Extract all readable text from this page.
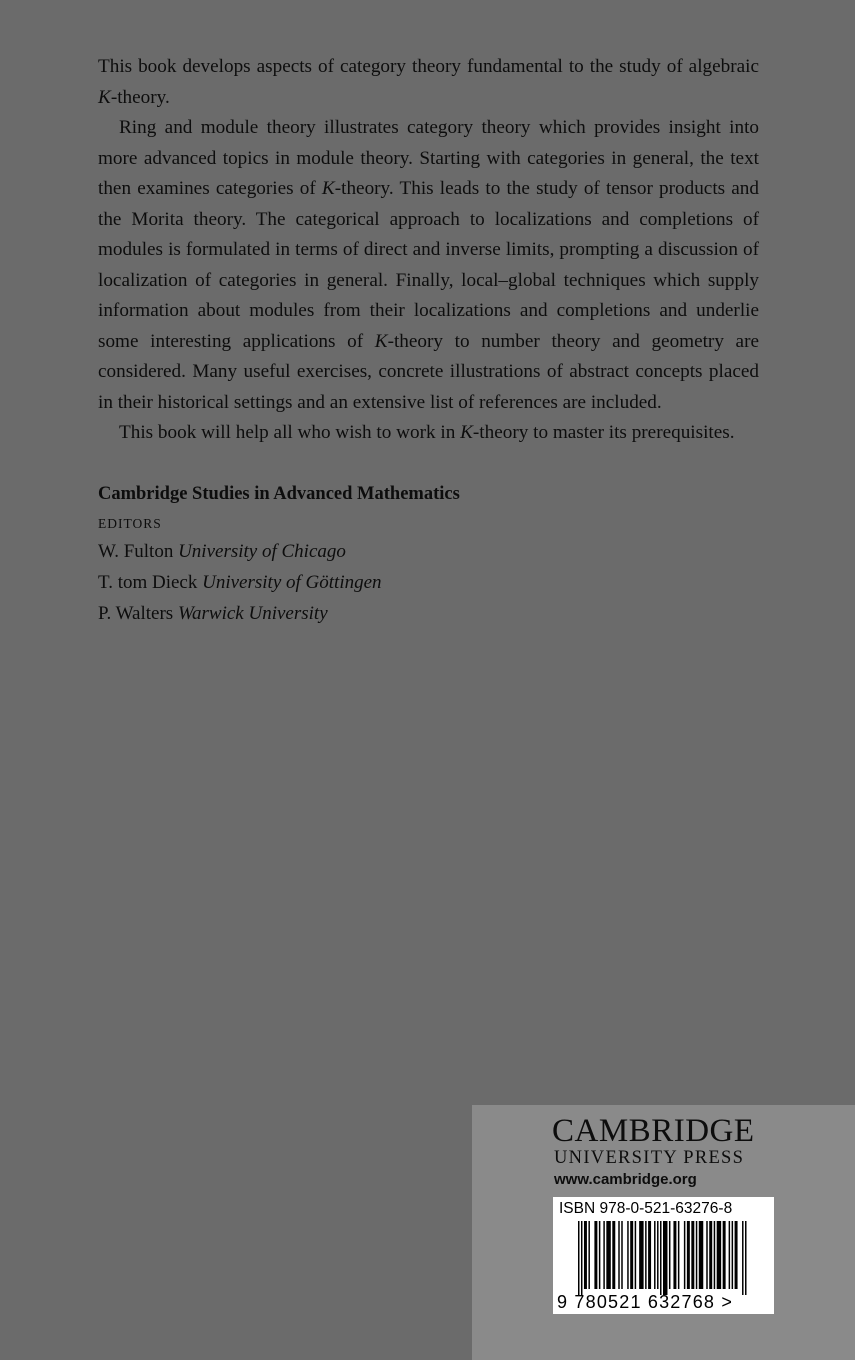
This book develops aspects of category theory fundamental to the study of algebraic K-theory.

Ring and module theory illustrates category theory which provides insight into more advanced topics in module theory. Starting with categories in general, the text then examines categories of K-theory. This leads to the study of tensor products and the Morita theory. The categorical approach to localizations and completions of modules is formulated in terms of direct and inverse limits, prompting a discussion of localization of categories in general. Finally, local–global techniques which supply information about modules from their localizations and completions and underlie some interesting applications of K-theory to number theory and geometry are considered. Many useful exercises, concrete illustrations of abstract concepts placed in their historical settings and an extensive list of references are included.

This book will help all who wish to work in K-theory to master its prerequisites.

Cambridge Studies in Advanced Mathematics
EDITORS
W. Fulton University of Chicago
T. tom Dieck University of Göttingen
P. Walters Warwick University
CAMBRIDGE
UNIVERSITY PRESS
www.cambridge.org
ISBN 978-0-521-63276-8
9 780521 632768 >
